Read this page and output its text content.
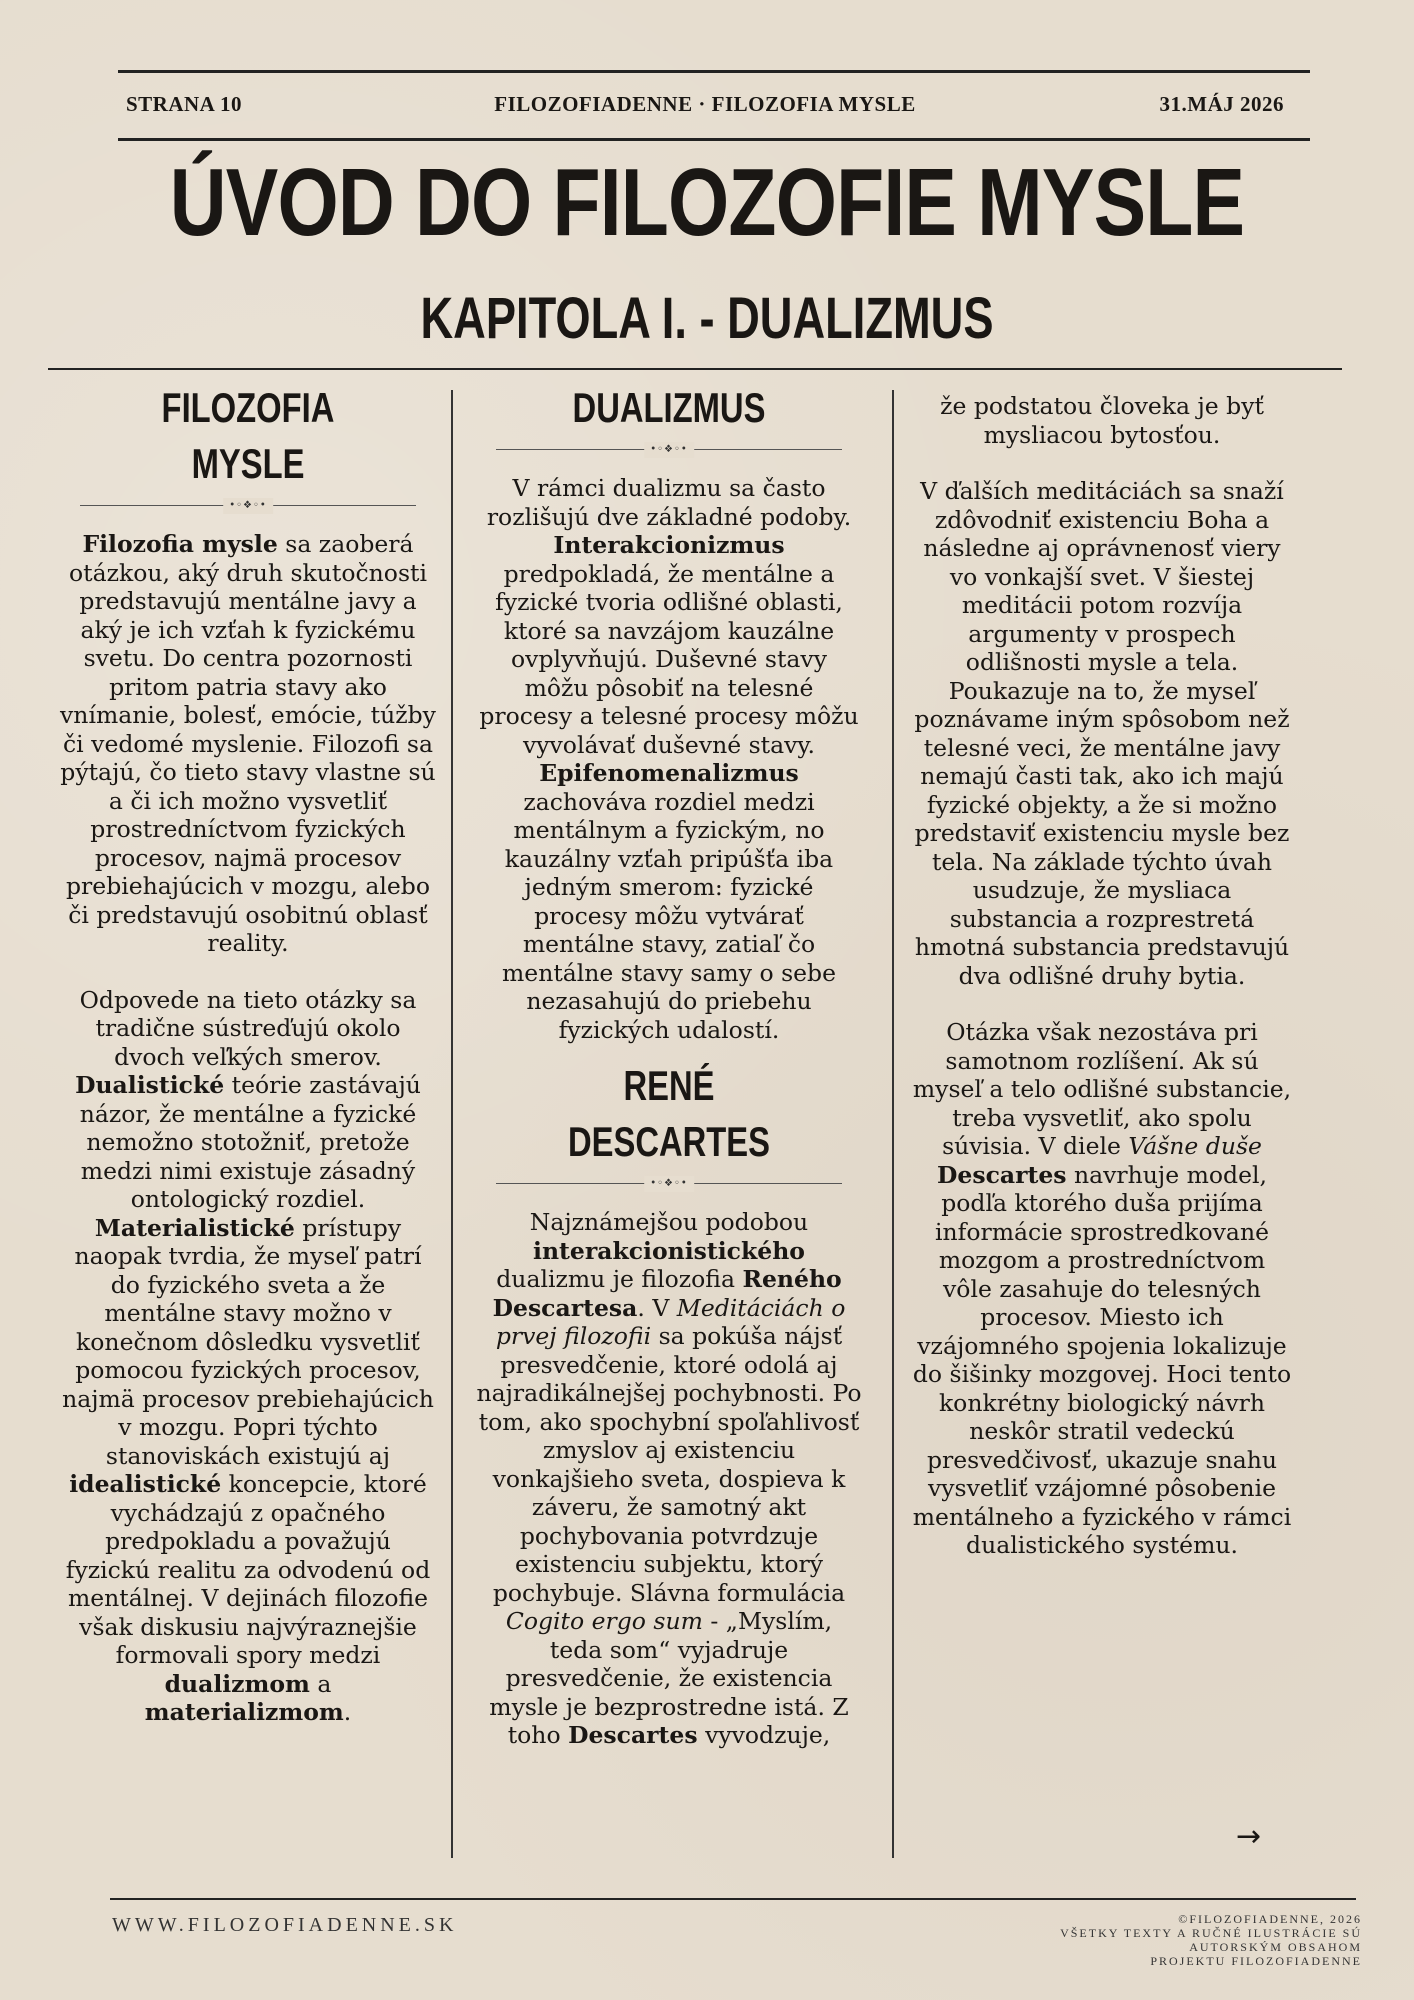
STRANA 10	FILOZOFIADENNE · FILOZOFIA MYSLE	31.MÁJ 2026
ÚVOD DO FILOZOFIE MYSLE
KAPITOLA I. - DUALIZMUS
FILOZOFIA MYSLE
•◦❖◦•

Filozofia mysle sa zaoberá otázkou, aký druh skutočnosti predstavujú mentálne javy a aký je ich vzťah k fyzickému svetu. Do centra pozornosti pritom patria stavy ako vnímanie, bolesť, emócie, túžby či vedomé myslenie. Filozofi sa pýtajú, čo tieto stavy vlastne sú a či ich možno vysvetliť prostredníctvom fyzických procesov, najmä procesov prebiehajúcich v mozgu, alebo či predstavujú osobitnú oblasť reality.

Odpovede na tieto otázky sa tradične sústreďujú okolo dvoch veľkých smerov. Dualistické teórie zastávajú názor, že mentálne a fyzické nemožno stotožniť, pretože medzi nimi existuje zásadný ontologický rozdiel. Materialistické prístupy naopak tvrdia, že myseľ patrí do fyzického sveta a že mentálne stavy možno v konečnom dôsledku vysvetliť pomocou fyzických procesov, najmä procesov prebiehajúcich v mozgu. Popri týchto stanoviskách existujú aj idealistické koncepcie, ktoré vychádzajú z opačného predpokladu a považujú fyzickú realitu za odvodenú od mentálnej. V dejinách filozofie však diskusiu najvýraznejšie formovali spory medzi dualizmom a materializmom.

DUALIZMUS
•◦❖◦•

V rámci dualizmu sa často rozlišujú dve základné podoby. Interakcionizmus predpokladá, že mentálne a fyzické tvoria odlišné oblasti, ktoré sa navzájom kauzálne ovplyvňujú. Duševné stavy môžu pôsobiť na telesné procesy a telesné procesy môžu vyvolávať duševné stavy. Epifenomenalizmus zachováva rozdiel medzi mentálnym a fyzickým, no kauzálny vzťah pripúšťa iba jedným smerom: fyzické procesy môžu vytvárať mentálne stavy, zatiaľ čo mentálne stavy samy o sebe nezasahujú do priebehu fyzických udalostí.

RENÉ DESCARTES
•◦❖◦•

Najznámejšou podobou interakcionistického dualizmu je filozofia Reného Descartesa. V Meditáciách o prvej filozofii sa pokúša nájsť presvedčenie, ktoré odolá aj najradikálnejšej pochybnosti. Po tom, ako spochybní spoľahlivosť zmyslov aj existenciu vonkajšieho sveta, dospieva k záveru, že samotný akt pochybovania potvrdzuje existenciu subjektu, ktorý pochybuje. Slávna formulácia Cogito ergo sum - „Myslím, teda som“ vyjadruje presvedčenie, že existencia mysle je bezprostredne istá. Z toho Descartes vyvodzuje,

že podstatou človeka je byť mysliacou bytosťou.

V ďalších meditáciách sa snaží zdôvodniť existenciu Boha a následne aj oprávnenosť viery vo vonkajší svet. V šiestej meditácii potom rozvíja argumenty v prospech odlišnosti mysle a tela. Poukazuje na to, že myseľ poznávame iným spôsobom než telesné veci, že mentálne javy nemajú časti tak, ako ich majú fyzické objekty, a že si možno predstaviť existenciu mysle bez tela. Na základe týchto úvah usudzuje, že mysliaca substancia a rozprestretá hmotná substancia predstavujú dva odlišné druhy bytia.

Otázka však nezostáva pri samotnom rozlíšení. Ak sú myseľ a telo odlišné substancie, treba vysvetliť, ako spolu súvisia. V diele Vášne duše Descartes navrhuje model, podľa ktorého duša prijíma informácie sprostredkované mozgom a prostredníctvom vôle zasahuje do telesných procesov. Miesto ich vzájomného spojenia lokalizuje do šišinky mozgovej. Hoci tento konkrétny biologický návrh neskôr stratil vedeckú presvedčivosť, ukazuje snahu vysvetliť vzájomné pôsobenie mentálneho a fyzického v rámci dualistického systému.

→
WWW.FILOZOFIADENNE.SK	©FILOZOFIADENNE, 2026
VŠETKY TEXTY A RUČNÉ ILUSTRÁCIE SÚ
AUTORSKÝM OBSAHOM
PROJEKTU FILOZOFIADENNE
